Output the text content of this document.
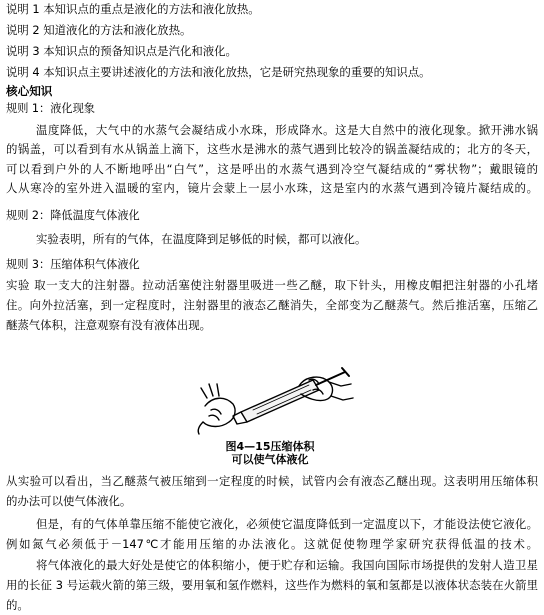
说明 1 本知识点的重点是液化的方法和液化放热。
说明 2 知道液化的方法和液化放热。
说明 3 本知识点的预备知识点是汽化和液化。
说明 4 本知识点主要讲述液化的方法和液化放热，它是研究热现象的重要的知识点。
核心知识
规则 1：液化现象
温度降低，大气中的水蒸气会凝结成小水珠，形成降水。这是大自然中的液化现象。掀开沸水锅
的锅盖，可以看到有水从锅盖上滴下，这些水是沸水的蒸气遇到比较冷的锅盖凝结成的；北方的冬天，
可以看到户外的人不断地呼出“白气”，这是呼出的水蒸气遇到冷空气凝结成的“雾状物”；戴眼镜的
人从寒冷的室外进入温暖的室内，镜片会蒙上一层小水珠，这是室内的水蒸气遇到冷镜片凝结成的。
规则 2：降低温度气体液化
实验表明，所有的气体，在温度降到足够低的时候，都可以液化。
规则 3：压缩体积气体液化
实验 取一支大的注射器。拉动活塞使注射器里吸进一些乙醚，取下针头，用橡皮帽把注射器的小孔堵
住。向外拉活塞，到一定程度时，注射器里的液态乙醚消失，全部变为乙醚蒸气。然后推活塞，压缩乙
醚蒸气体积，注意观察有没有液体出现。
图4—15压缩体积
可以使气体液化
从实验可以看出，当乙醚蒸气被压缩到一定程度的时候，试管内会有液态乙醚出现。这表明用压缩体积
的办法可以使气体液化。
但是，有的气体单靠压缩不能使它液化，必须使它温度降低到一定温度以下，才能设法使它液化。
例如氮气必须低于－147℃才能用压缩的办法液化。这就促使物理学家研究获得低温的技术。
将气体液化的最大好处是使它的体积缩小，便于贮存和运输。我国向国际市场提供的发射人造卫星
用的长征 3 号运载火箭的第三级，要用氧和氢作燃料，这些作为燃料的氧和氢都是以液体状态装在火箭里
的。
